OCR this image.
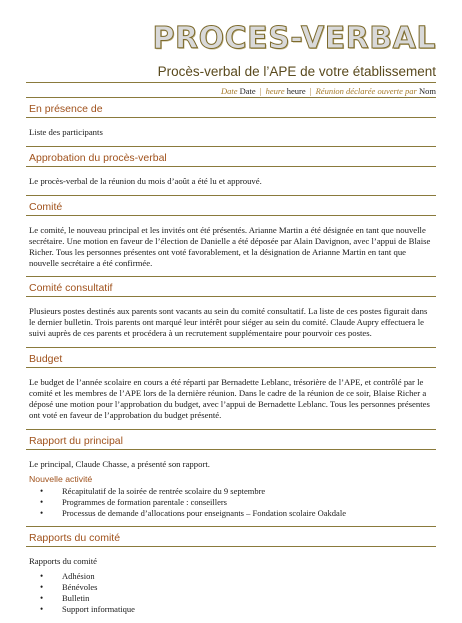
PROCES-VERBAL
Procès-verbal de l’APE de votre établissement
Date Date | heure heure | Réunion déclarée ouverte par Nom
En présence de

Liste des participants

Approbation du procès-verbal

Le procès-verbal de la réunion du mois d’août a été lu et approuvé.

Comité

Le comité, le nouveau principal et les invités ont été présentés. Arianne Martin a été désignée en tant que nouvelle secrétaire. Une motion en faveur de l’élection de Danielle a été déposée par Alain Davignon, avec l’appui de Blaise Richer. Tous les personnes présentes ont voté favorablement, et la désignation de Arianne Martin en tant que nouvelle secrétaire a été confirmée.

Comité consultatif

Plusieurs postes destinés aux parents sont vacants au sein du comité consultatif. La liste de ces postes figurait dans le dernier bulletin. Trois parents ont marqué leur intérêt pour siéger au sein du comité. Claude Aupry effectuera le suivi auprès de ces parents et procédera à un recrutement supplémentaire pour pourvoir ces postes.

Budget

Le budget de l’année scolaire en cours a été réparti par Bernadette Leblanc, trésorière de l’APE, et contrôlé par le comité et les membres de l’APE lors de la dernière réunion. Dans le cadre de la réunion de ce soir, Blaise Richer a déposé une motion pour l’approbation du budget, avec l’appui de Bernadette Leblanc. Tous les personnes présentes ont voté en faveur de l’approbation du budget présenté.

Rapport du principal

Le principal, Claude Chasse, a présenté son rapport.

Nouvelle activité
• Récapitulatif de la soirée de rentrée scolaire du 9 septembre
• Programmes de formation parentale : conseillers
• Processus de demande d’allocations pour enseignants – Fondation scolaire Oakdale
Rapports du comité

Rapports du comité

• Adhésion
• Bénévoles
• Bulletin
• Support informatique
